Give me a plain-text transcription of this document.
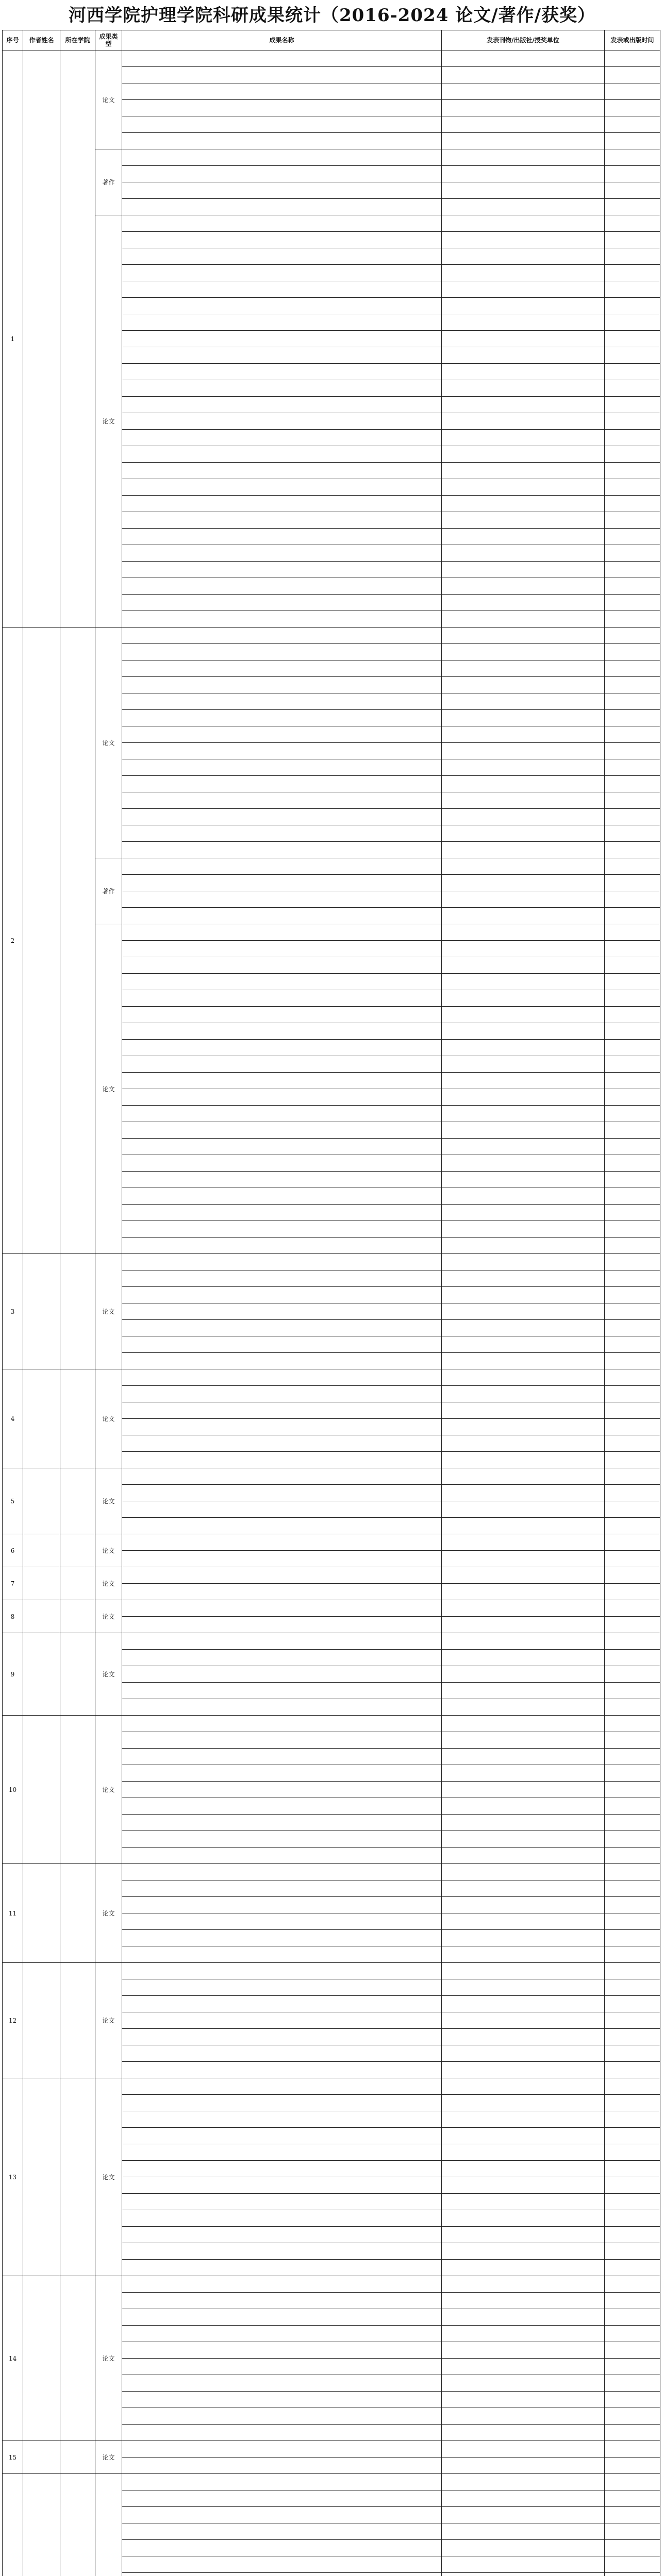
河西学院护理学院科研成果统计（2016-2024 论文/著作/获奖）
序号	作者姓名	所在学院	成果类型	成果名称	发表刊物/出版社/授奖单位	发表或出版时间
1			论文			

			著作			

			论文			

2			论文			

			著作			

			论文			

3			论文			

4			论文			

5			论文			

6			论文			

7			论文			

8			论文			

9			论文			

10			论文			

11			论文			

12			论文			

13			论文			

14			论文			

15			论文			
